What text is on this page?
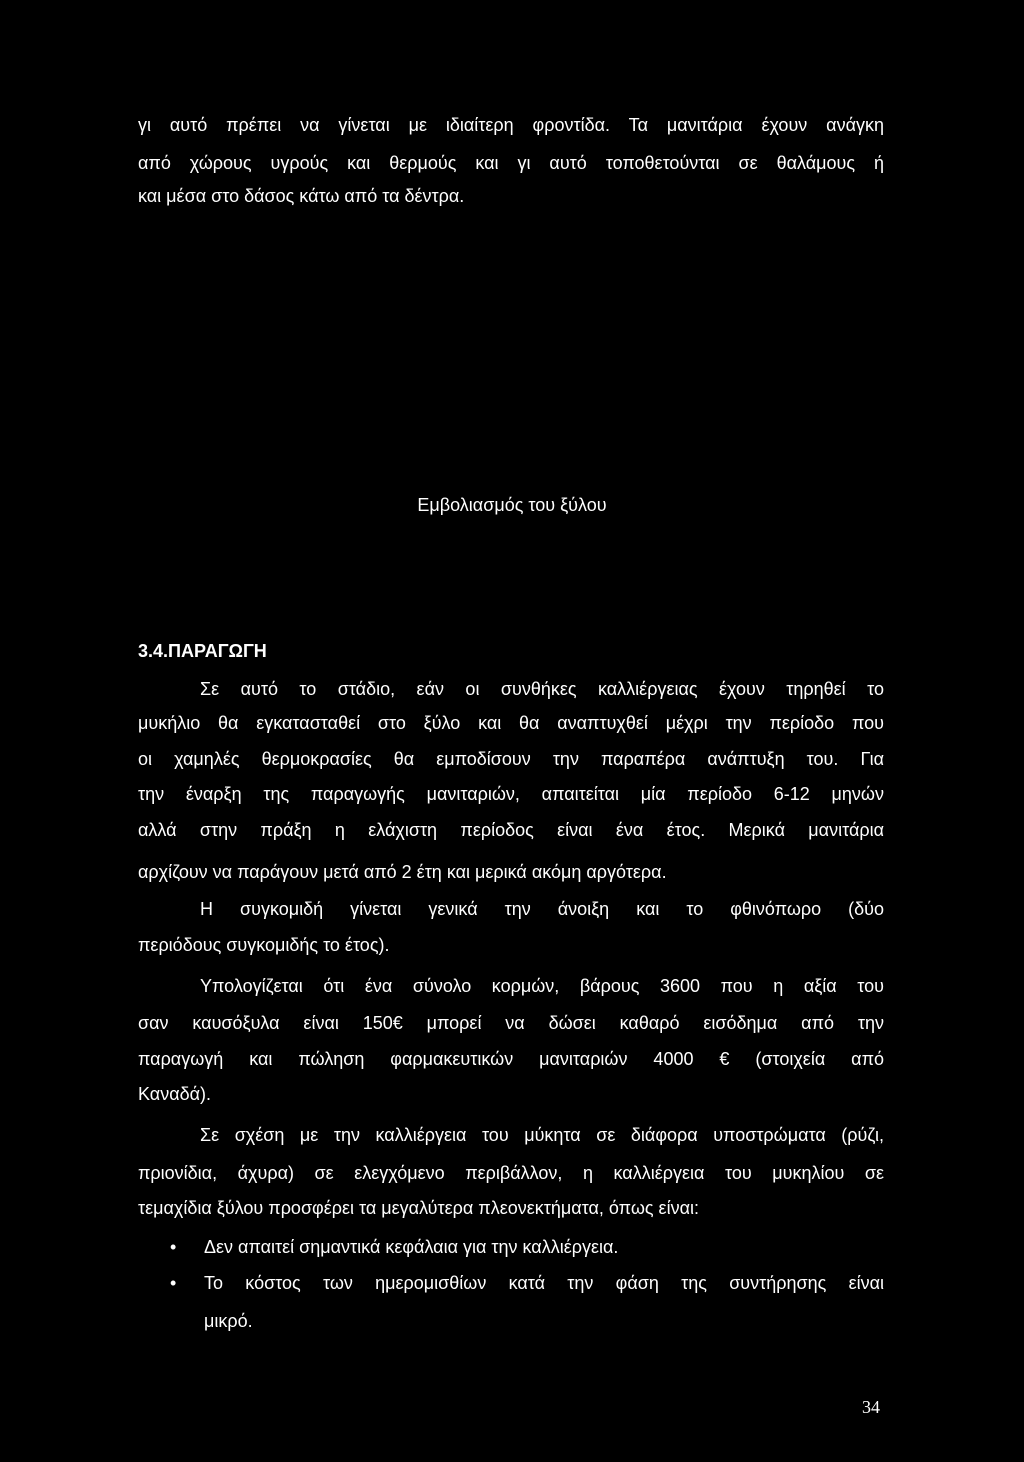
γι αυτό πρέπει να γίνεται με ιδιαίτερη φροντίδα. Τα μανιτάρια έχουν ανάγκη
από χώρους υγρούς και θερμούς και γι αυτό τοποθετούνται σε θαλάμους ή
και μέσα στο δάσος κάτω από τα δέντρα.
Εμβολιασμός του ξύλου
3.4.ΠΑΡΑΓΩΓΗ
Σε αυτό το στάδιο, εάν οι συνθήκες καλλιέργειας έχουν τηρηθεί το
μυκήλιο θα εγκατασταθεί στο ξύλο και θα αναπτυχθεί μέχρι την περίοδο που
οι χαμηλές θερμοκρασίες θα εμποδίσουν την παραπέρα ανάπτυξη του. Για
την έναρξη της παραγωγής μανιταριών, απαιτείται μία περίοδο 6-12 μηνών
αλλά στην πράξη η ελάχιστη περίοδος είναι ένα έτος. Μερικά μανιτάρια
αρχίζουν να παράγουν μετά από 2 έτη και μερικά ακόμη αργότερα.
Η συγκομιδή γίνεται γενικά την άνοιξη και το φθινόπωρο (δύο
περιόδους συγκομιδής το έτος).
Υπολογίζεται ότι ένα σύνολο κορμών, βάρους 3600 που η αξία του
σαν καυσόξυλα είναι 150€ μπορεί να δώσει καθαρό εισόδημα από την
παραγωγή και πώληση φαρμακευτικών μανιταριών 4000 € (στοιχεία από
Καναδά).
Σε σχέση με την καλλιέργεια του μύκητα σε διάφορα υποστρώματα (ρύζι,
πριονίδια, άχυρα) σε ελεγχόμενο περιβάλλον, η καλλιέργεια του μυκηλίου σε
τεμαχίδια ξύλου προσφέρει τα μεγαλύτερα πλεονεκτήματα, όπως είναι:
• Δεν απαιτεί σημαντικά κεφάλαια για την καλλιέργεια.
• Το κόστος των ημερομισθίων κατά την φάση της συντήρησης είναι
μικρό.
34
